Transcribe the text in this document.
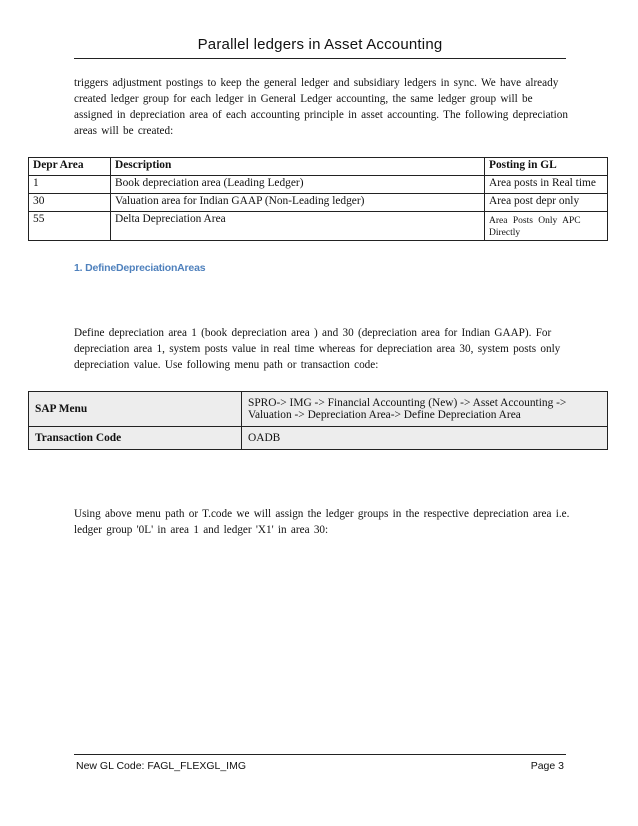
Parallel ledgers in Asset Accounting
triggers adjustment postings to keep the general ledger and subsidiary ledgers in sync. We have already created ledger group for each ledger in General Ledger accounting, the same ledger group will be assigned in depreciation area of each accounting principle in asset accounting. The following depreciation areas will be created:
Depr Area	Description	Posting in GL
1	Book depreciation area (Leading Ledger)	Area posts in Real time
30	Valuation area for Indian GAAP (Non-Leading ledger)	Area post depr only
55	Delta Depreciation Area	Area Posts Only APC Directly
1. DefineDepreciationAreas
Define depreciation area 1 (book depreciation area ) and 30 (depreciation area for Indian GAAP). For depreciation area 1, system posts value in real time whereas for depreciation area 30, system posts only depreciation value. Use following menu path or transaction code:
SAP Menu	SPRO-> IMG -> Financial Accounting (New) -> Asset Accounting -> Valuation -> Depreciation Area-> Define Depreciation Area
Transaction Code	OADB
Using above menu path or T.code we will assign the ledger groups in the respective depreciation area i.e. ledger group '0L' in area 1 and ledger 'X1' in area 30:
New GL Code: FAGL_FLEXGL_IMG	Page 3
